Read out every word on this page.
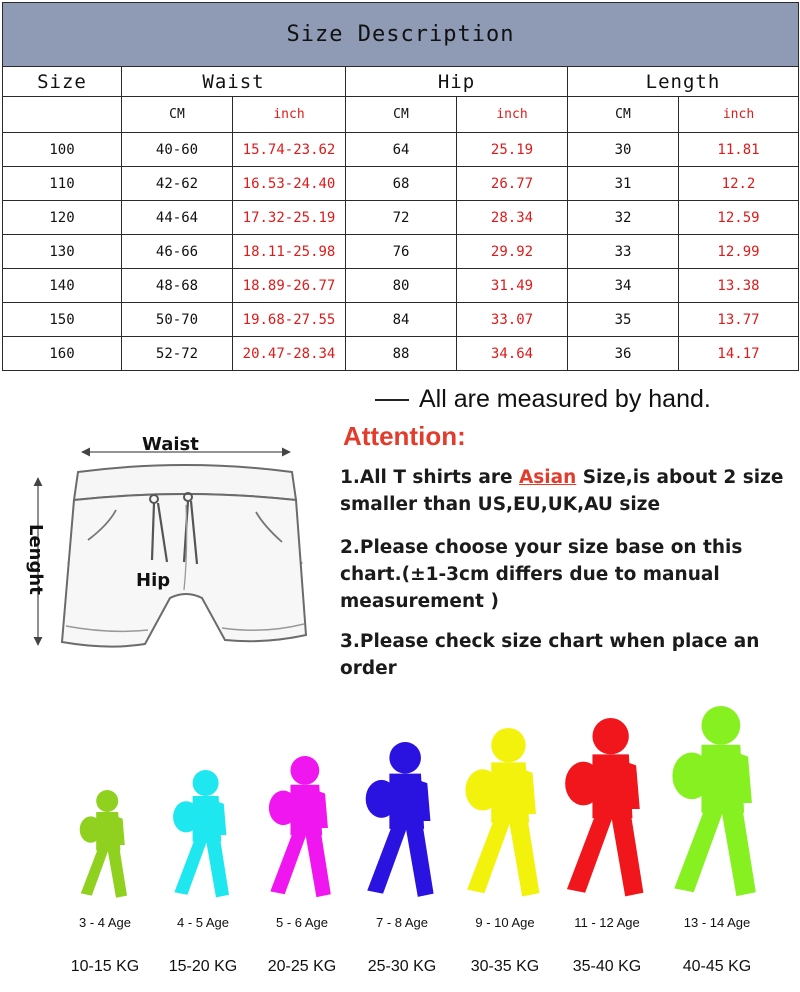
Size Description						
Size	Waist		Hip		Length	
	CM	inch	CM	inch	CM	inch
100	40-60	15.74-23.62	64	25.19	30	11.81
110	42-62	16.53-24.40	68	26.77	31	12.2
120	44-64	17.32-25.19	72	28.34	32	12.59
130	46-66	18.11-25.98	76	29.92	33	12.99
140	48-68	18.89-26.77	80	31.49	34	13.38
150	50-70	19.68-27.55	84	33.07	35	13.77
160	52-72	20.47-28.34	88	34.64	36	14.17
All are measured by hand.
Waist
Hip
Lenght
Attention:
1.All T shirts are Asian Size,is about 2 size smaller than US,EU,UK,AU size
2.Please choose your size base on this chart.(±1-3cm differs due to manual measurement )
3.Please check size chart when place an order
3 - 4 Age
10-15 KG
4 - 5 Age
15-20 KG
5 - 6 Age
20-25 KG
7 - 8 Age
25-30 KG
9 - 10 Age
30-35 KG
11 - 12 Age
35-40 KG
13 - 14 Age
40-45 KG
